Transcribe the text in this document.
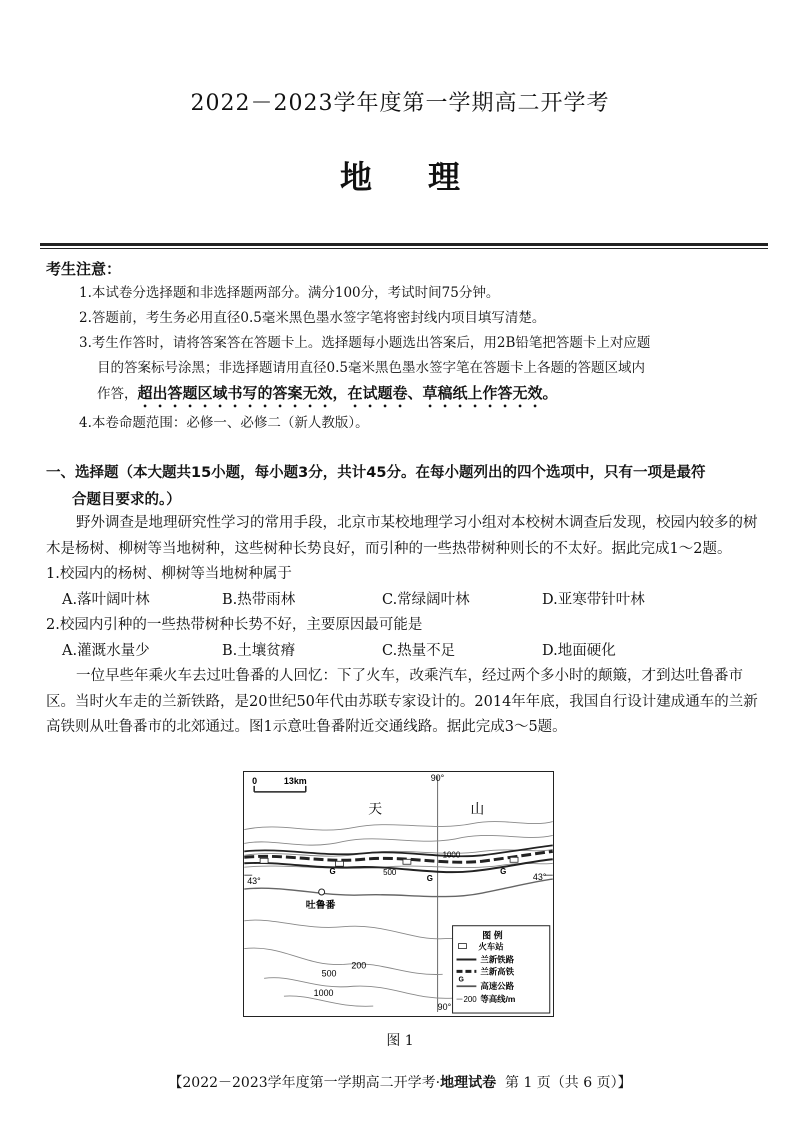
2022－2023学年度第一学期高二开学考
地理
考生注意：
1.本试卷分选择题和非选择题两部分。满分100分，考试时间75分钟。
2.答题前，考生务必用直径0.5毫米黑色墨水签字笔将密封线内项目填写清楚。
3.考生作答时，请将答案答在答题卡上。选择题每小题选出答案后，用2B铅笔把答题卡上对应题
目的答案标号涂黑；非选择题请用直径0.5毫米黑色墨水签字笔在答题卡上各题的答题区域内
作答，超出答题区域书写的答案无效，在试题卷、草稿纸上作答无效。
4.本卷命题范围：必修一、必修二（新人教版）。
一、选择题（本大题共15小题，每小题3分，共计45分。在每小题列出的四个选项中，只有一项是最符
合题目要求的。）

野外调查是地理研究性学习的常用手段，北京市某校地理学习小组对本校树木调查后发现，校园内较多的树木是杨树、柳树等当地树种，这些树种长势良好，而引种的一些热带树种则长的不太好。据此完成1～2题。

1.校园内的杨树、柳树等当地树种属于

A.落叶阔叶林	B.热带雨林	C.常绿阔叶林	D.亚寒带针叶林

2.校园内引种的一些热带树种长势不好，主要原因最可能是

A.灌溉水量少	B.土壤贫瘠	C.热量不足	D.地面硬化

一位早些年乘火车去过吐鲁番的人回忆：下了火车，改乘汽车，经过两个多小时的颠簸，才到达吐鲁番市区。当时火车走的兰新铁路，是20世纪50年代由苏联专家设计的。2014年年底，我国自行设计建成通车的兰新高铁则从吐鲁番市的北郊通过。图1示意吐鲁番附近交通线路。据此完成3～5题。

0	13km	90°
90°
43°	43°
天	山
1000
500
G
G
G
吐鲁番
200
500
1000
图 例
火车站
兰新铁路
G
兰新高铁
高速公路
200 等高线/m
图 1
【2022－2023学年度第一学期高二开学考·地理试卷 第 1 页（共 6 页）】
